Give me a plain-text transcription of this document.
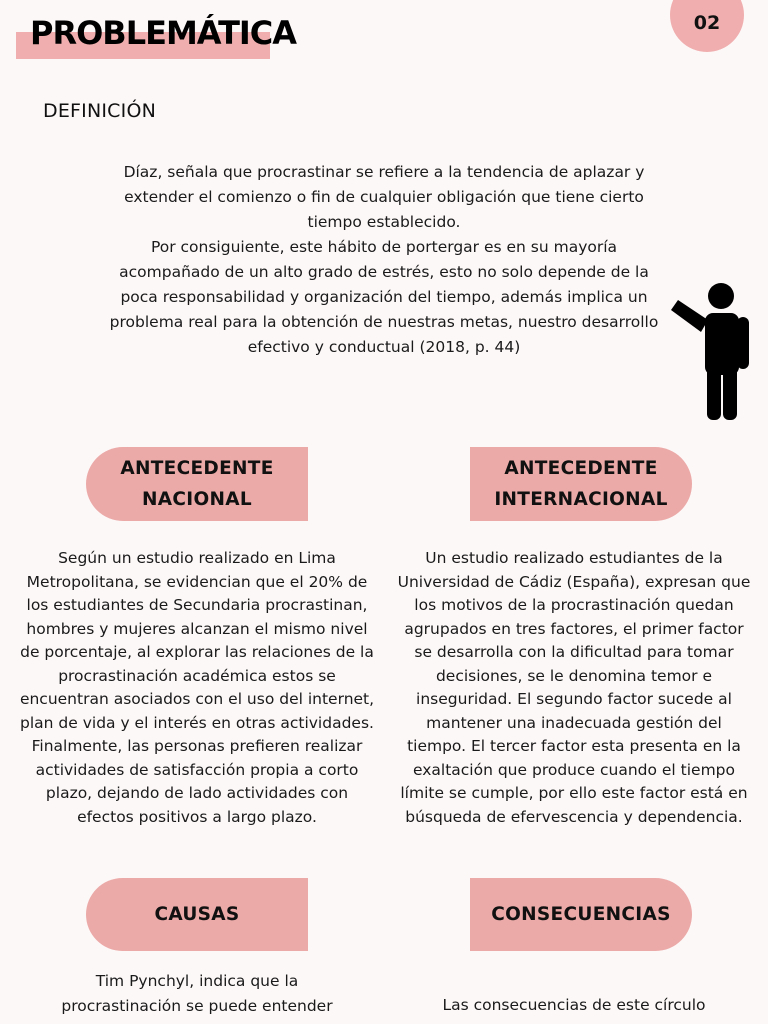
PROBLEMÁTICA	02
DEFINICIÓN

Díaz, señala que procrastinar se refiere a la tendencia de aplazar y extender el comienzo o fin de cualquier obligación que tiene cierto tiempo establecido.

Por consiguiente, este hábito de portergar es en su mayoría acompañado de un alto grado de estrés, esto no solo depende de la poca responsabilidad y organización del tiempo, además implica un problema real para la obtención de nuestras metas, nuestro desarrollo efectivo y conductual (2018, p. 44)

ANTECEDENTE
NACIONAL
ANTECEDENTE
INTERNACIONAL
Según un estudio realizado en Lima Metropolitana, se evidencian que el 20% de los estudiantes de Secundaria procrastinan, hombres y mujeres alcanzan el mismo nivel de porcentaje, al explorar las relaciones de la procrastinación académica estos se encuentran asociados con el uso del internet, plan de vida y el interés en otras actividades. Finalmente, las personas prefieren realizar actividades de satisfacción propia a corto plazo, dejando de lado actividades con efectos positivos a largo plazo.
Un estudio realizado estudiantes de la Universidad de Cádiz (España), expresan que los motivos de la procrastinación quedan agrupados en tres factores, el primer factor se desarrolla con la dificultad para tomar decisiones, se le denomina temor e inseguridad. El segundo factor sucede al mantener una inadecuada gestión del tiempo. El tercer factor esta presenta en la exaltación que produce cuando el tiempo límite se cumple, por ello este factor está en búsqueda de efervescencia y dependencia.
CAUSAS	CONSECUENCIAS
Tim Pynchyl, indica que la procrastinación se puede entender	Las consecuencias de este círculo
